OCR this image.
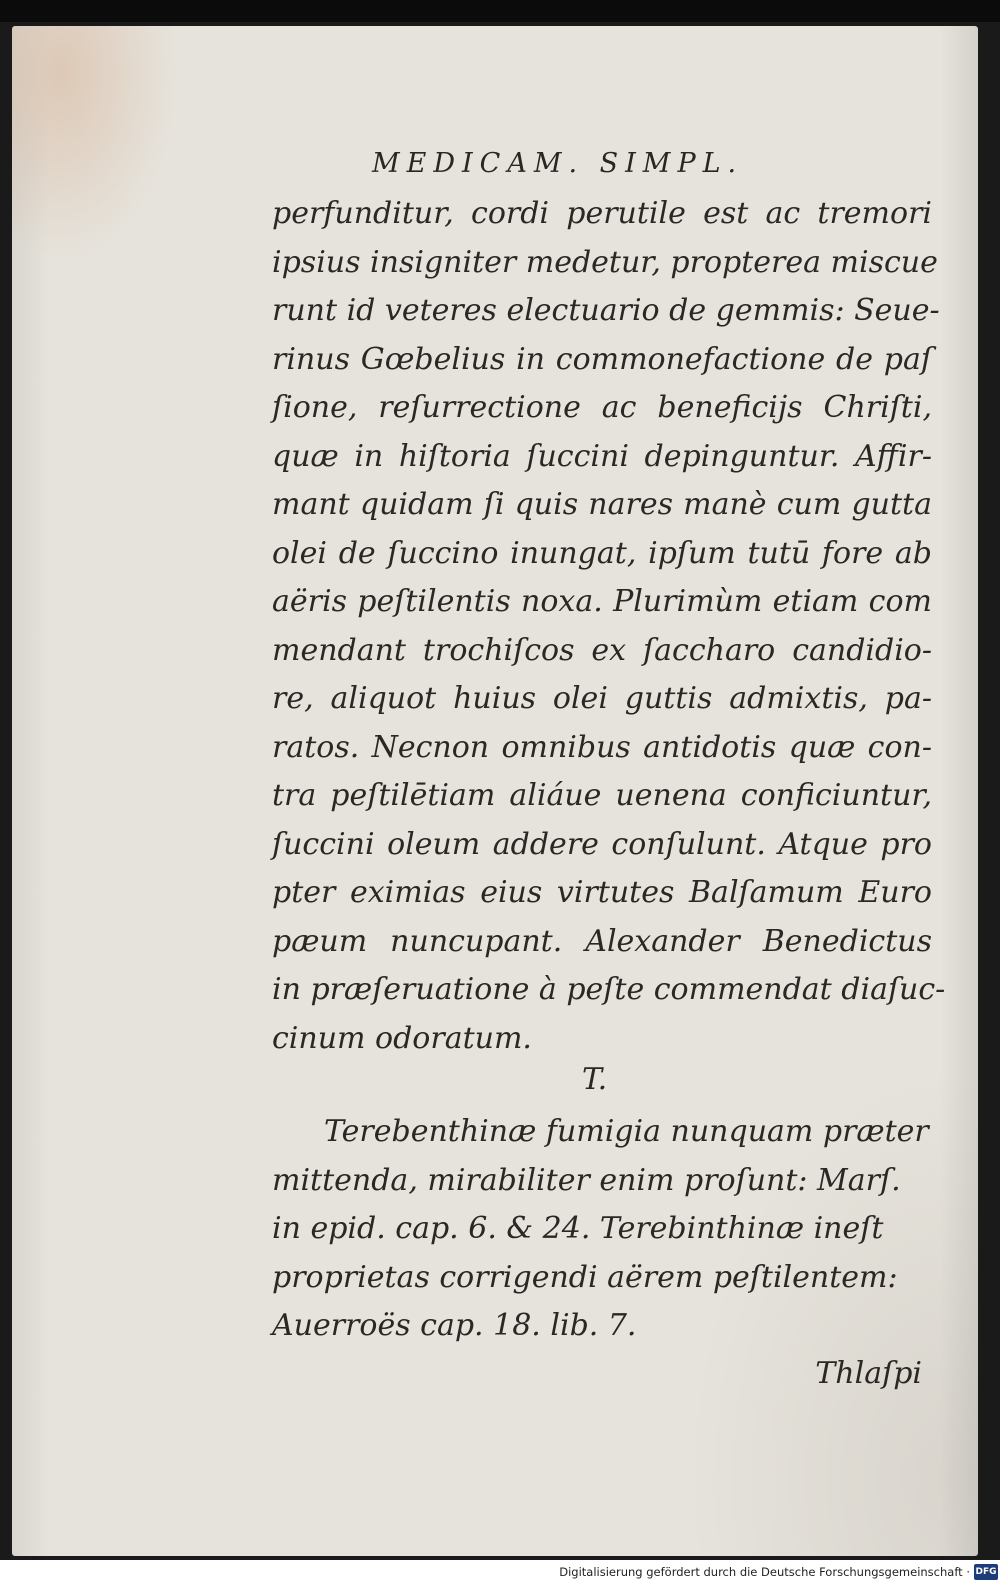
MEDICAM. SIMPL.
perfunditur, cordi perutile est ac tremori
ipsius insigniter medetur, propterea miscue
runt id veteres electuario de gemmis: Seue-
rinus Gœbelius in commonefactione de paſ
ſione, reſurrectione ac beneficijs Chriſti,
quæ in hiſtoria ſuccini depinguntur. Affir-
mant quidam ſi quis nares manè cum gutta
olei de ſuccino inungat, ipſum tutū fore ab
aëris peſtilentis noxa. Plurimùm etiam com
mendant trochiſcos ex ſaccharo candidio-
re, aliquot huius olei guttis admixtis, pa-
ratos. Necnon omnibus antidotis quæ con-
tra peſtilētiam aliáue uenena conficiuntur,
ſuccini oleum addere conſulunt. Atque pro
pter eximias eius virtutes Balſamum Euro
pæum nuncupant. Alexander Benedictus
in præſeruatione à peſte commendat diaſuc-
cinum odoratum.
T.
Terebenthinæ fumigia nunquam præter
mittenda, mirabiliter enim proſunt: Marſ.
in epid. cap. 6. & 24. Terebinthinæ ineſt
proprietas corrigendi aërem peſtilentem:
Auerroës cap. 18. lib. 7.
Thlaſpi
Digitalisierung gefördert durch die Deutsche Forschungsgemeinschaft · DFG
